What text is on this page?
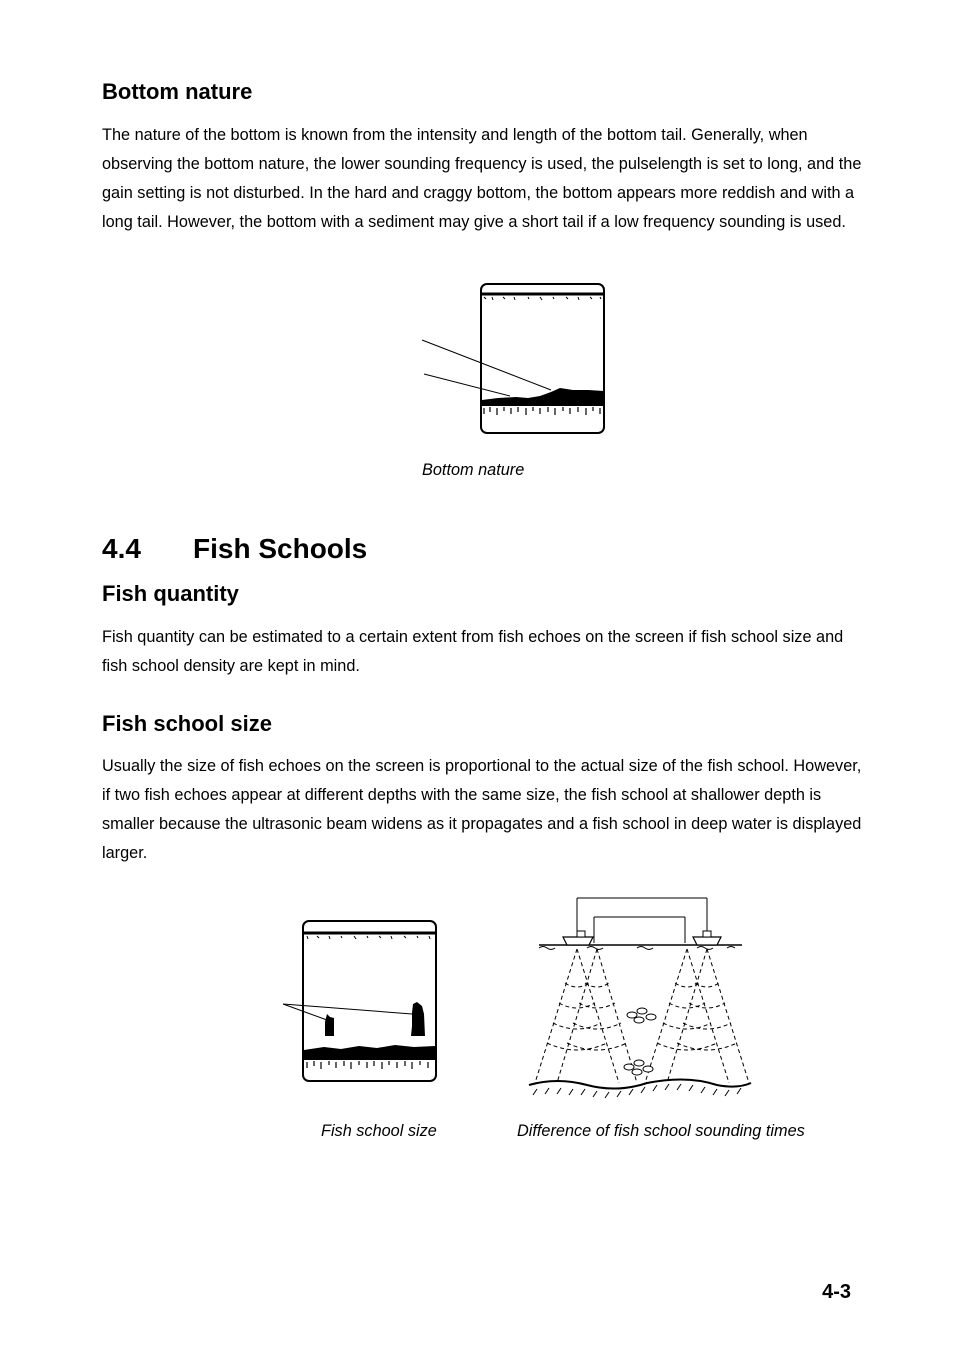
Bottom nature

The nature of the bottom is known from the intensity and length of the bottom tail. Generally, when observing the bottom nature, the lower sounding frequency is used, the pulselength is set to long, and the gain setting is not disturbed. In the hard and craggy bottom, the bottom appears more reddish and with a long tail. However, the bottom with a sediment may give a short tail if a low frequency sounding is used.

Bottom nature
4.4 Fish Schools
Fish quantity

Fish quantity can be estimated to a certain extent from fish echoes on the screen if fish school size and fish school density are kept in mind.

Fish school size

Usually the size of fish echoes on the screen is proportional to the actual size of the fish school. However, if two fish echoes appear at different depths with the same size, the fish school at shallower depth is smaller because the ultrasonic beam widens as it propagates and a fish school in deep water is displayed larger.

Fish school size	Difference of fish school sounding times
4-3
